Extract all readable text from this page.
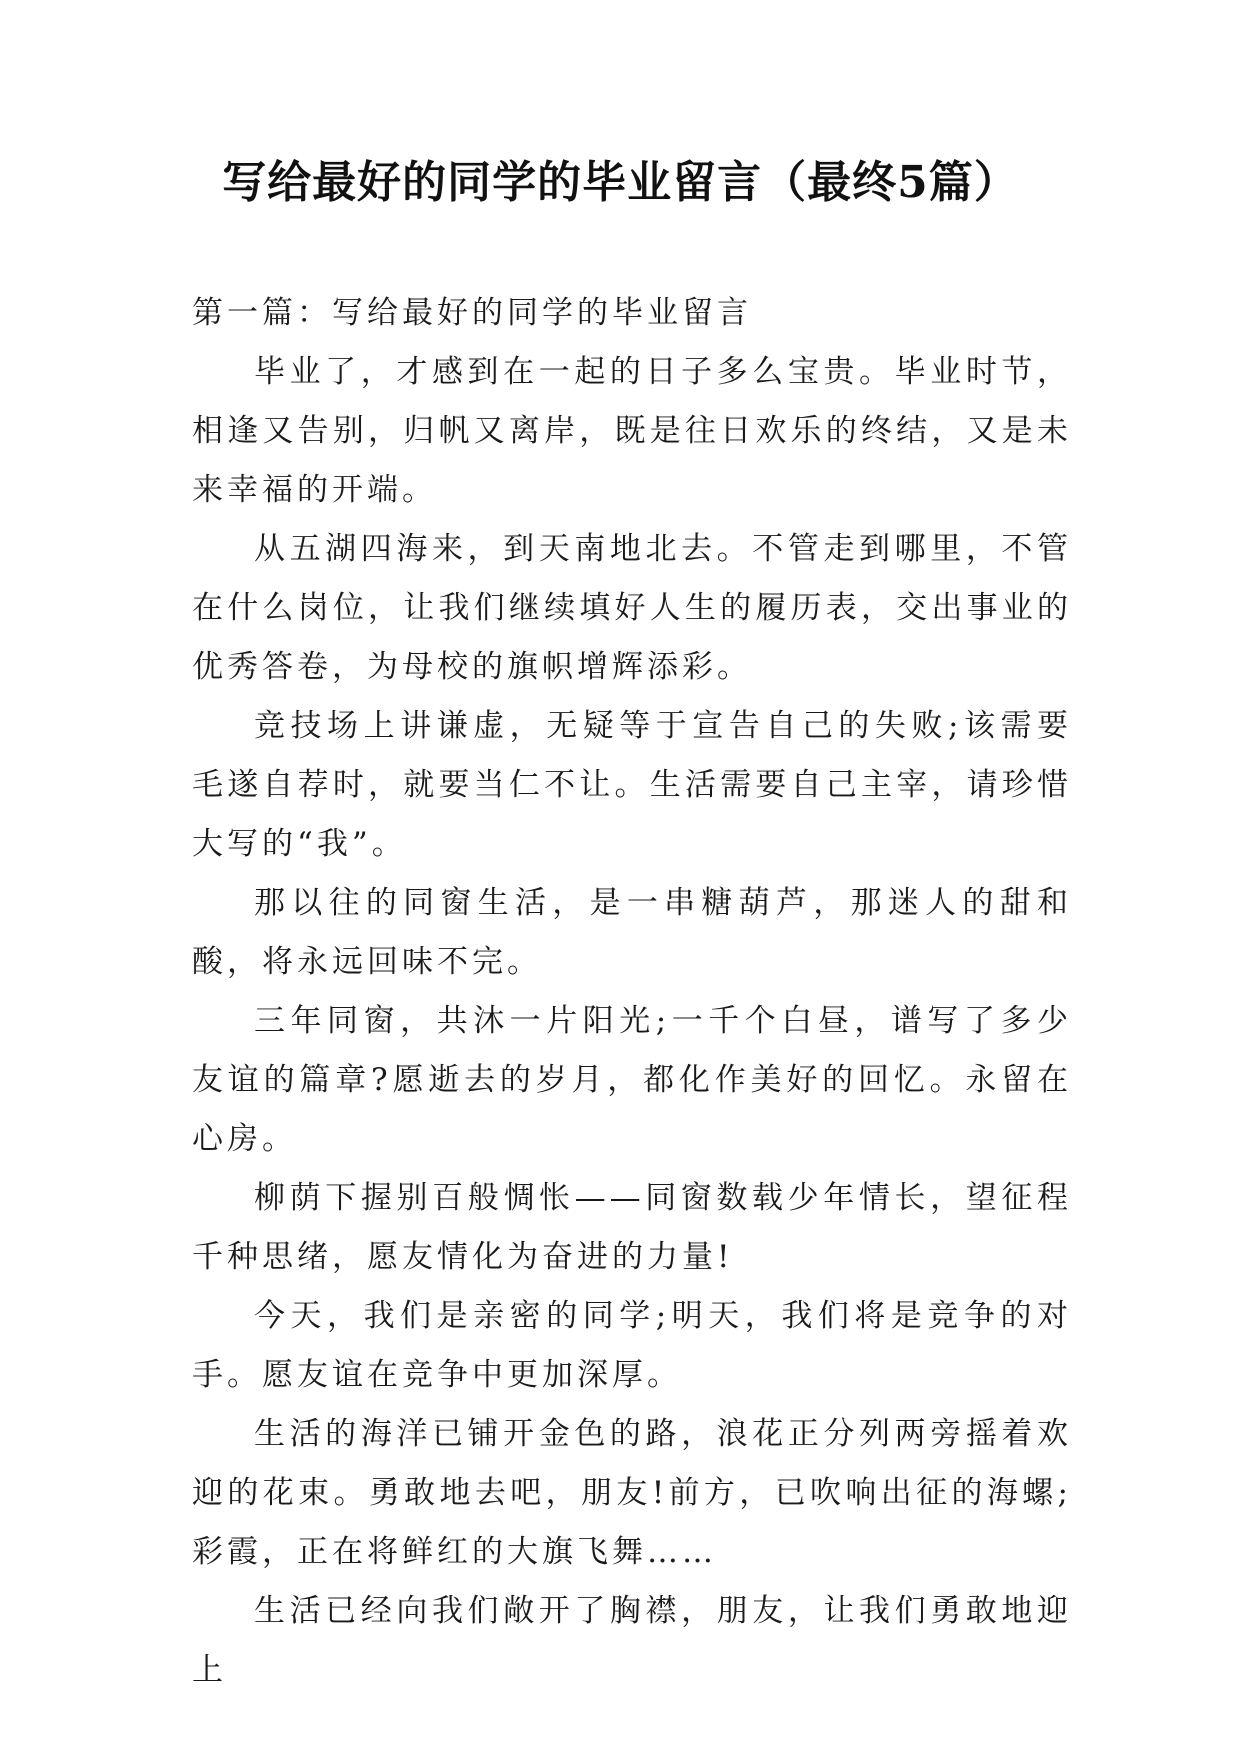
写给最好的同学的毕业留言（最终5篇）

第一篇：写给最好的同学的毕业留言

毕业了，才感到在一起的日子多么宝贵。毕业时节，相逢又告别，归帆又离岸，既是往日欢乐的终结，又是未来幸福的开端。

从五湖四海来，到天南地北去。不管走到哪里，不管在什么岗位，让我们继续填好人生的履历表，交出事业的优秀答卷，为母校的旗帜增辉添彩。

竞技场上讲谦虚，无疑等于宣告自己的失败;该需要毛遂自荐时，就要当仁不让。生活需要自己主宰，请珍惜大写的“我”。

那以往的同窗生活，是一串糖葫芦，那迷人的甜和酸，将永远回味不完。

三年同窗，共沐一片阳光;一千个白昼，谱写了多少友谊的篇章?愿逝去的岁月，都化作美好的回忆。永留在心房。

柳荫下握别百般惆怅——同窗数载少年情长，望征程千种思绪，愿友情化为奋进的力量!

今天，我们是亲密的同学;明天，我们将是竞争的对手。愿友谊在竞争中更加深厚。

生活的海洋已铺开金色的路，浪花正分列两旁摇着欢迎的花束。勇敢地去吧，朋友!前方，已吹响出征的海螺;彩霞，正在将鲜红的大旗飞舞……

生活已经向我们敞开了胸襟，朋友，让我们勇敢地迎上
